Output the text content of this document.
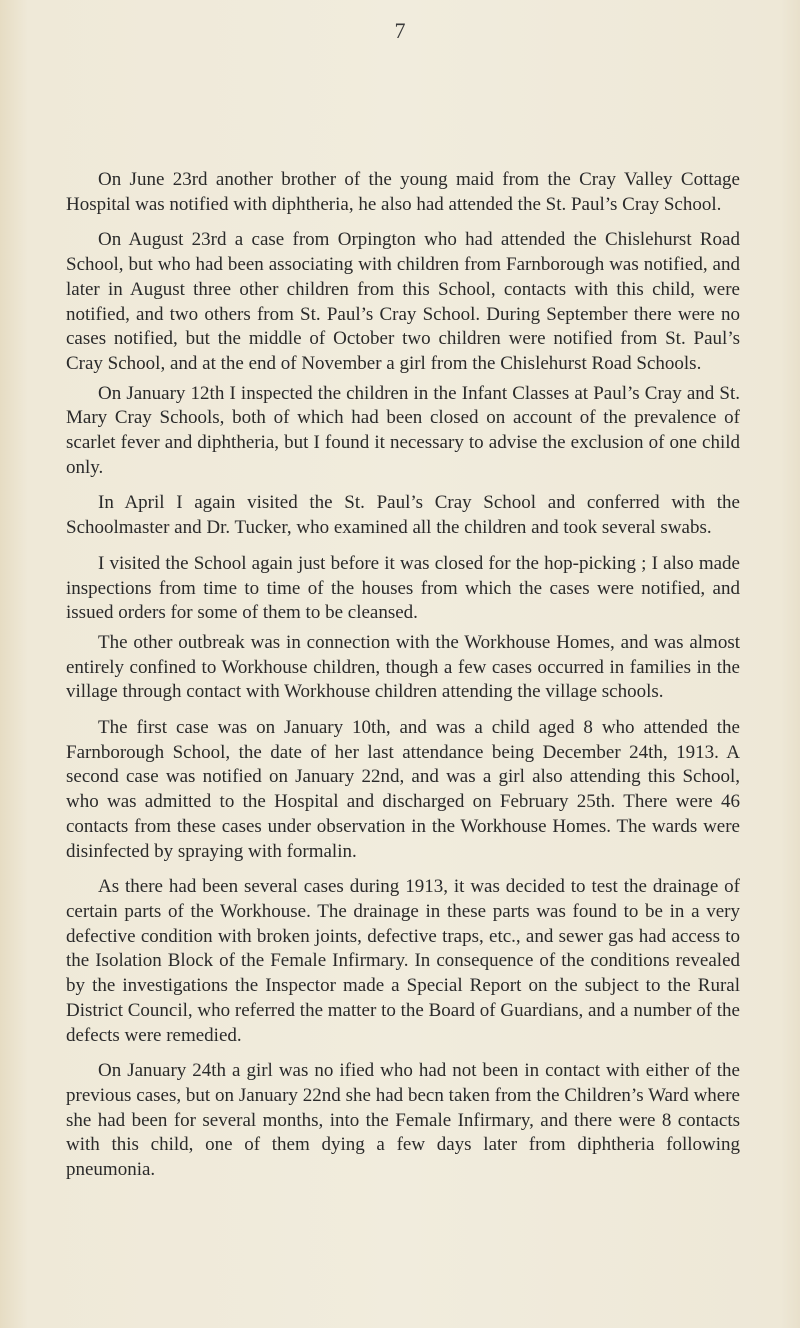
7

On June 23rd another brother of the young maid from the Cray Valley Cottage Hospital was notified with diphtheria, he also had attended the St. Paul’s Cray School.

On August 23rd a case from Orpington who had attended the Chislehurst Road School, but who had been associating with children from Farnborough was notified, and later in August three other children from this School, contacts with this child, were notified, and two others from St. Paul’s Cray School. During September there were no cases notified, but the middle of October two children were notified from St. Paul’s Cray School, and at the end of November a girl from the Chislehurst Road Schools.

On January 12th I inspected the children in the Infant Classes at Paul’s Cray and St. Mary Cray Schools, both of which had been closed on account of the prevalence of scarlet fever and diphtheria, but I found it necessary to advise the exclusion of one child only.

In April I again visited the St. Paul’s Cray School and conferred with the Schoolmaster and Dr. Tucker, who examined all the children and took several swabs.

I visited the School again just before it was closed for the hop-picking ; I also made inspections from time to time of the houses from which the cases were notified, and issued orders for some of them to be cleansed.

The other outbreak was in connection with the Workhouse Homes, and was almost entirely confined to Workhouse children, though a few cases occurred in families in the village through contact with Workhouse children attending the village schools.

The first case was on January 10th, and was a child aged 8 who attended the Farnborough School, the date of her last attendance being December 24th, 1913. A second case was notified on January 22nd, and was a girl also attending this School, who was admitted to the Hospital and discharged on February 25th. There were 46 contacts from these cases under observation in the Workhouse Homes. The wards were disinfected by spraying with formalin.

As there had been several cases during 1913, it was decided to test the drainage of certain parts of the Workhouse. The drainage in these parts was found to be in a very defective condition with broken joints, defective traps, etc., and sewer gas had access to the Isolation Block of the Female Infirmary. In consequence of the conditions revealed by the investigations the Inspector made a Special Report on the subject to the Rural District Council, who referred the matter to the Board of Guardians, and a number of the defects were remedied.

On January 24th a girl was no ified who had not been in contact with either of the previous cases, but on January 22nd she had becn taken from the Children’s Ward where she had been for several months, into the Female Infirmary, and there were 8 contacts with this child, one of them dying a few days later from diphtheria following pneumonia.
